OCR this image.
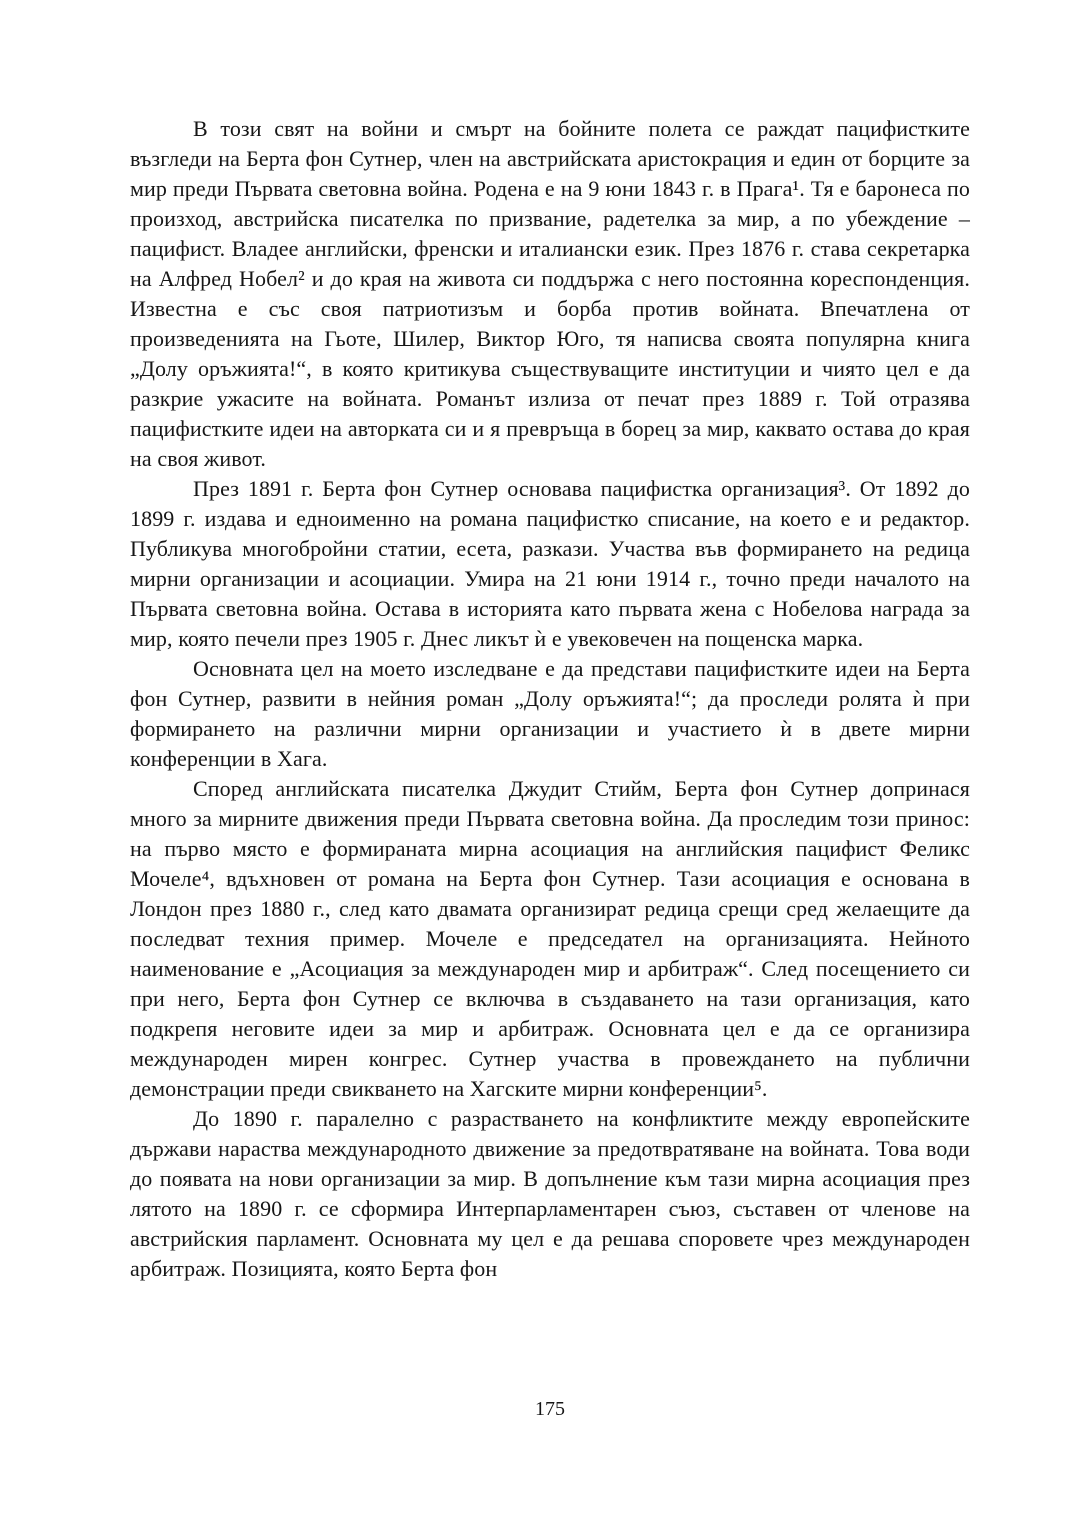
В този свят на войни и смърт на бойните полета се раждат пацифистките възгледи на Берта фон Сутнер, член на австрийската аристокрация и един от борците за мир преди Първата световна война. Родена е на 9 юни 1843 г. в Прага¹. Тя е баронеса по произход, австрийска писателка по призвание, радетелка за мир, а по убеждение – пацифист. Владее английски, френски и италиански език. През 1876 г. става секретарка на Алфред Нобел² и до края на живота си поддържа с него постоянна кореспонденция. Известна е със своя патриотизъм и борба против войната. Впечатлена от произведенията на Гьоте, Шилер, Виктор Юго, тя написва своята популярна книга „Долу оръжията!“, в която критикува съществуващите институции и чиято цел е да разкрие ужасите на войната. Романът излиза от печат през 1889 г. Той отразява пацифистките идеи на авторката си и я превръща в борец за мир, каквато остава до края на своя живот.

През 1891 г. Берта фон Сутнер основава пацифистка организация³. От 1892 до 1899 г. издава и едноименно на романа пацифистко списание, на което е и редактор. Публикува многобройни статии, есета, разкази. Участва във формирането на редица мирни организации и асоциации. Умира на 21 юни 1914 г., точно преди началото на Първата световна война. Остава в историята като първата жена с Нобелова награда за мир, която печели през 1905 г. Днес ликът ѝ е увековечен на пощенска марка.

Основната цел на моето изследване е да представи пацифистките идеи на Берта фон Сутнер, развити в нейния роман „Долу оръжията!“; да проследи ролята ѝ при формирането на различни мирни организации и участието ѝ в двете мирни конференции в Хага.

Според английската писателка Джудит Стийм, Берта фон Сутнер допринася много за мирните движения преди Първата световна война. Да проследим този принос: на първо място е формираната мирна асоциация на английския пацифист Феликс Мочеле⁴, вдъхновен от романа на Берта фон Сутнер. Тази асоциация е основана в Лондон през 1880 г., след като двамата организират редица срещи сред желаещите да последват техния пример. Мочеле е председател на организацията. Нейното наименование е „Асоциация за международен мир и арбитраж“. След посещението си при него, Берта фон Сутнер се включва в създаването на тази организация, като подкрепя неговите идеи за мир и арбитраж. Основната цел е да се организира международен мирен конгрес. Сутнер участва в провеждането на публични демонстрации преди свикването на Хагските мирни конференции⁵.

До 1890 г. паралелно с разрастването на конфликтите между европейските държави нараства международното движение за предотвратяване на войната. Това води до появата на нови организации за мир. В допълнение към тази мирна асоциация през лятото на 1890 г. се сформира Интерпарламентарен съюз, съставен от членове на австрийския парламент. Основната му цел е да решава споровете чрез международен арбитраж. Позицията, която Берта фон

175
